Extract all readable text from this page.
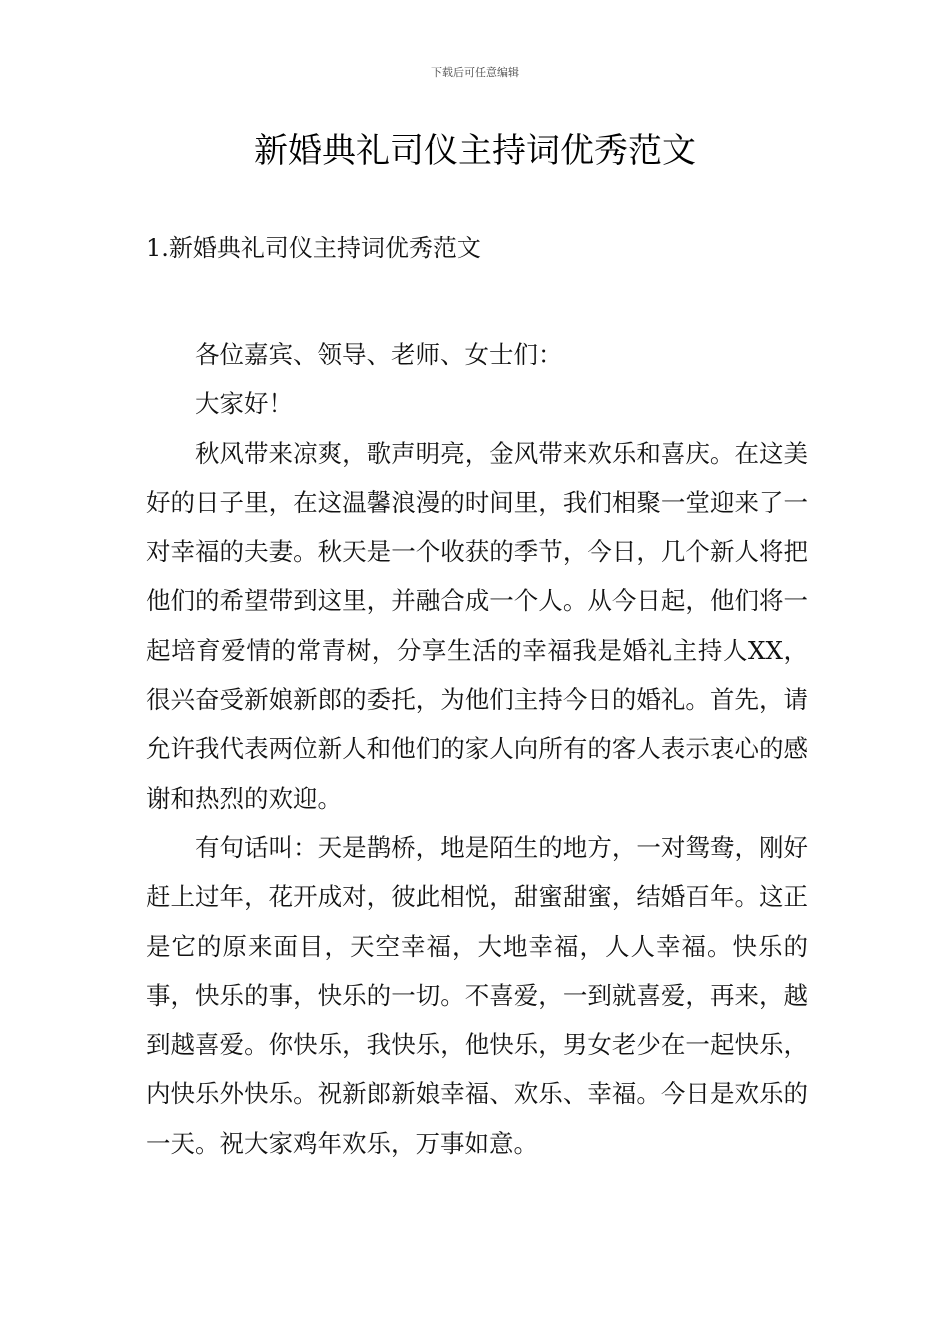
下载后可任意编辑
新婚典礼司仪主持词优秀范文
1.新婚典礼司仪主持词优秀范文

各位嘉宾、领导、老师、女士们：

大家好！

秋风带来凉爽，歌声明亮，金风带来欢乐和喜庆。在这美好的日子里，在这温馨浪漫的时间里，我们相聚一堂迎来了一对幸福的夫妻。秋天是一个收获的季节，今日，几个新人将把他们的希望带到这里，并融合成一个人。从今日起，他们将一起培育爱情的常青树，分享生活的幸福我是婚礼主持人XX，很兴奋受新娘新郎的委托，为他们主持今日的婚礼。首先，请允许我代表两位新人和他们的家人向所有的客人表示衷心的感谢和热烈的欢迎。

有句话叫：天是鹊桥，地是陌生的地方，一对鸳鸯，刚好赶上过年，花开成对，彼此相悦，甜蜜甜蜜，结婚百年。这正是它的原来面目，天空幸福，大地幸福，人人幸福。快乐的事，快乐的事，快乐的一切。不喜爱，一到就喜爱，再来，越到越喜爱。你快乐，我快乐，他快乐，男女老少在一起快乐，内快乐外快乐。祝新郎新娘幸福、欢乐、幸福。今日是欢乐的一天。祝大家鸡年欢乐，万事如意。
